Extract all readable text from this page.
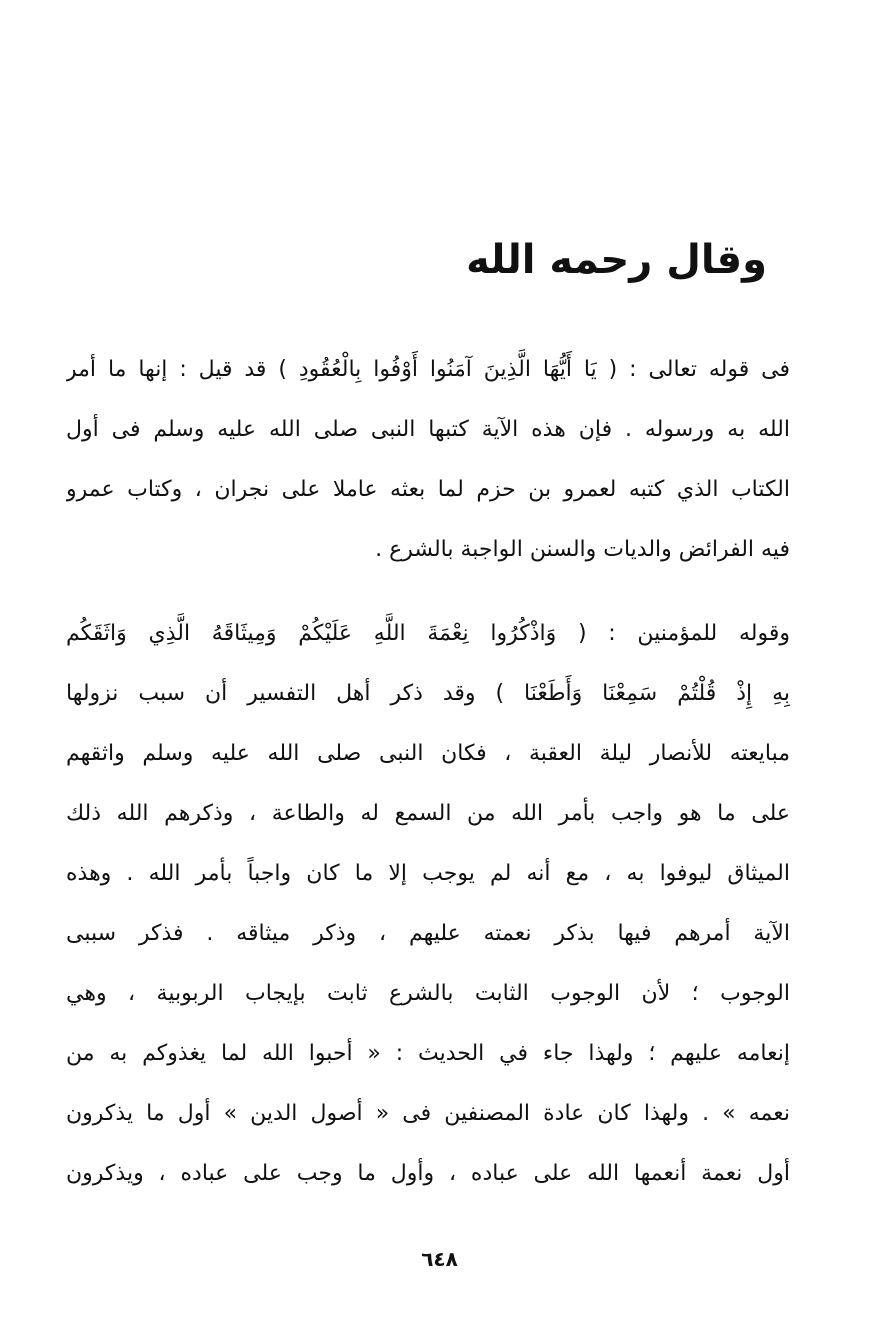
وقال رحمه الله
فى قوله تعالى : ( يَا أَيُّهَا الَّذِينَ آمَنُوا أَوْفُوا بِالْعُقُودِ ) قد قيل : إنها ما أمر
الله به ورسوله . فإن هذه الآية كتبها النبى صلى الله عليه وسلم فى أول
الكتاب الذي كتبه لعمرو بن حزم لما بعثه عاملا على نجران ، وكتاب عمرو
فيه الفرائض والديات والسنن الواجبة بالشرع .
وقوله للمؤمنين : ( وَاذْكُرُوا نِعْمَةَ اللَّهِ عَلَيْكُمْ وَمِيثَاقَهُ الَّذِي وَاثَقَكُم
بِهِ إِذْ قُلْتُمْ سَمِعْنَا وَأَطَعْنَا ) وقد ذكر أهل التفسير أن سبب نزولها
مبايعته للأنصار ليلة العقبة ، فكان النبى صلى الله عليه وسلم واثقهم
على ما هو واجب بأمر الله من السمع له والطاعة ، وذكرهم الله ذلك
الميثاق ليوفوا به ، مع أنه لم يوجب إلا ما كان واجباً بأمر الله . وهذه
الآية أمرهم فيها بذكر نعمته عليهم ، وذكر ميثاقه . فذكر سببى
الوجوب ؛ لأن الوجوب الثابت بالشرع ثابت بإيجاب الربوبية ، وهي
إنعامه عليهم ؛ ولهذا جاء في الحديث : « أحبوا الله لما يغذوكم به من
نعمه » . ولهذا كان عادة المصنفين فى « أصول الدين » أول ما يذكرون
أول نعمة أنعمها الله على عباده ، وأول ما وجب على عباده ، ويذكرون
٦٤٨
